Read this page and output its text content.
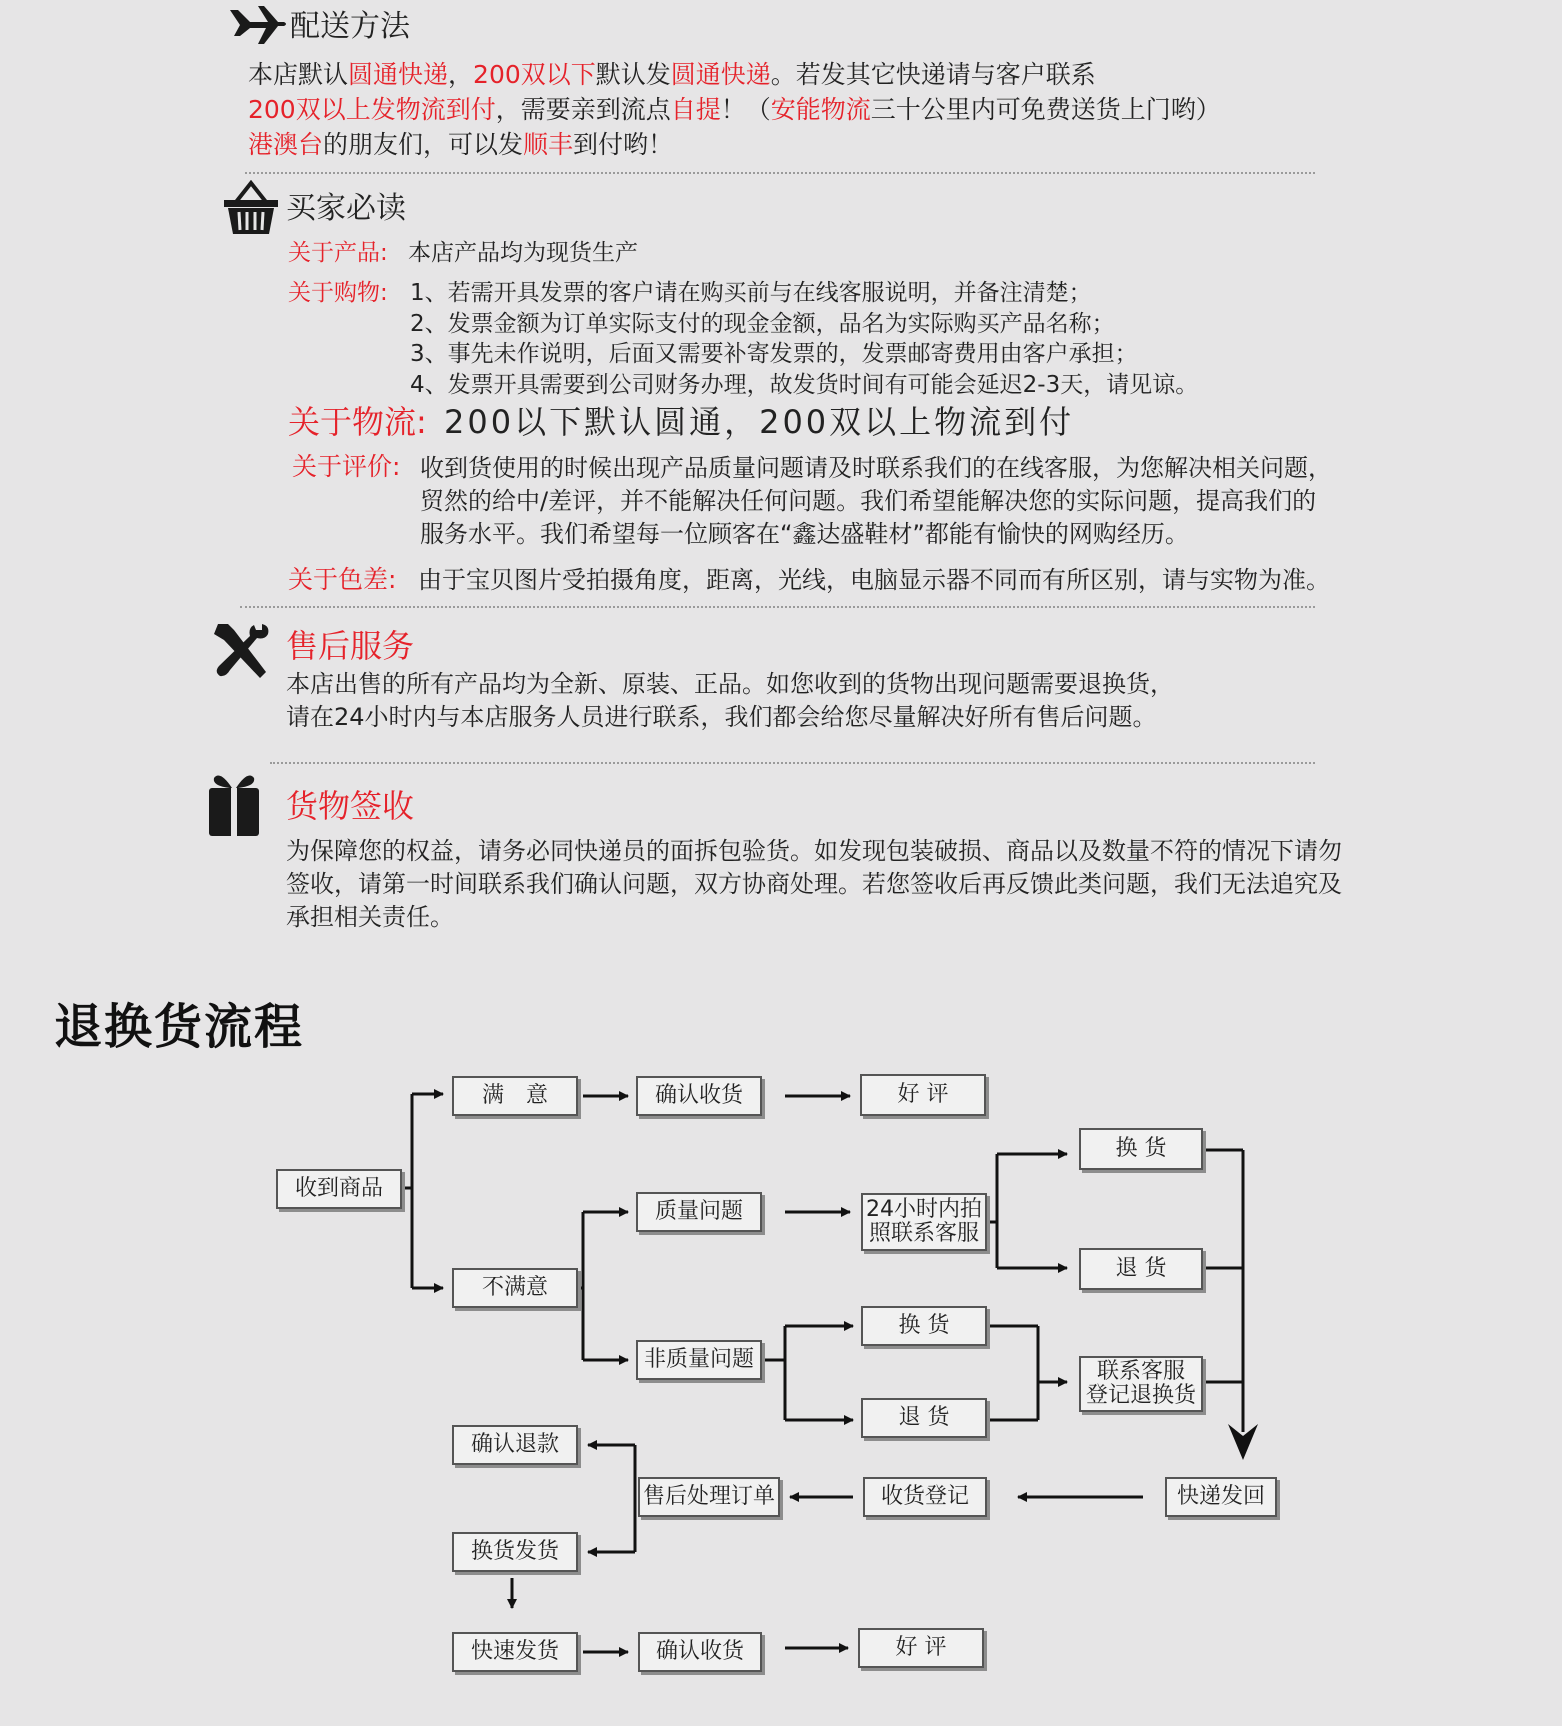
配送方法
本店默认圆通快递，200双以下默认发圆通快递。若发其它快递请与客户联系
200双以上发物流到付，需要亲到流点自提！（安能物流三十公里内可免费送货上门哟）
港澳台的朋友们，可以发顺丰到付哟！
买家必读
关于产品: 本店产品均为现货生产
关于购物: 1、若需开具发票的客户请在购买前与在线客服说明，并备注清楚；
2、发票金额为订单实际支付的现金金额，品名为实际购买产品名称；
3、事先未作说明，后面又需要补寄发票的，发票邮寄费用由客户承担；
4、发票开具需要到公司财务办理，故发货时间有可能会延迟2-3天，请见谅。
关于物流: 200以下默认圆通，200双以上物流到付
关于评价: 收到货使用的时候出现产品质量问题请及时联系我们的在线客服，为您解决相关问题，
贸然的给中/差评，并不能解决任何问题。我们希望能解决您的实际问题，提高我们的
服务水平。我们希望每一位顾客在“鑫达盛鞋材”都能有愉快的网购经历。
关于色差: 由于宝贝图片受拍摄角度，距离，光线，电脑显示器不同而有所区别，请与实物为准。
售后服务
本店出售的所有产品均为全新、原装、正品。如您收到的货物出现问题需要退换货，
请在24小时内与本店服务人员进行联系，我们都会给您尽量解决好所有售后问题。
货物签收
为保障您的权益，请务必同快递员的面拆包验货。如发现包装破损、商品以及数量不符的情况下请勿
签收，请第一时间联系我们确认问题，双方协商处理。若您签收后再反馈此类问题，我们无法追究及
承担相关责任。
退换货流程
收到商品
满　意	确认收货	好 评
不满意
质量问题	24小时内拍
照联系客服
换 货
退 货
非质量问题
换 货
退 货
联系客服
登记退换货
快递发回
收货登记
售后处理订单
确认退款
换货发货
快速发货	确认收货	好 评
